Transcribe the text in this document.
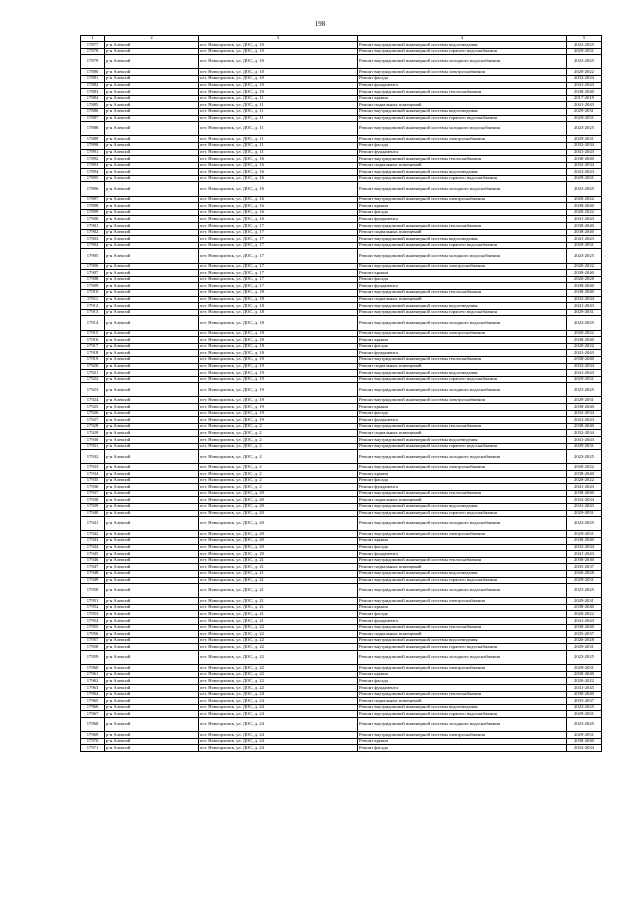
198
1	2	3	4	5
17877	р-н Алексий	пгт. Новоорловск, ул. ДОС, д. 10	Ремонт внутридомовой инженерной системы водоотведения	2023-2025
17878	р-н Алексий	пгт. Новоорловск, ул. ДОС, д. 10	Ремонт внутридомовой инженерной системы горячего водоснабжения	2029-2031
17879	р-н Алексий	пгт. Новоорловск, ул. ДОС, д. 10	Ремонт внутридомовой инженерной системы холодного водоснабжения	2023-2025
17880	р-н Алексий	пгт. Новоорловск, ул. ДОС, д. 10	Ремонт внутридомовой инженерной системы электроснабжения	2020-2022
17881	р-н Алексий	пгт. Новоорловск, ул. ДОС, д. 10	Ремонт фасада	2032-2034
17882	р-н Алексий	пгт. Новоорловск, ул. ДОС, д. 10	Ремонт фундамента	2041-2043
17883	р-н Алексий	пгт. Новоорловск, ул. ДОС, д. 10	Ремонт внутридомовой инженерной системы теплоснабжения	2038-2040
17884	р-н Алексий	пгт. Новоорловск, ул. ДОС, д. 11	Ремонт крыши	2017-2019
17885	р-н Алексий	пгт. Новоорловск, ул. ДОС, д. 11	Ремонт подвальных помещений	2041-2043
17886	р-н Алексий	пгт. Новоорловск, ул. ДОС, д. 11	Ремонт внутридомовой инженерной системы водоотведения	2029-2031
17887	р-н Алексий	пгт. Новоорловск, ул. ДОС, д. 11	Ремонт внутридомовой инженерной системы горячего водоснабжения	2029-2031
17888	р-н Алексий	пгт. Новоорловск, ул. ДОС, д. 11	Ремонт внутридомовой инженерной системы холодного водоснабжения	2023-2025
17889	р-н Алексий	пгт. Новоорловск, ул. ДОС, д. 11	Ремонт внутридомовой инженерной системы электроснабжения	2029-2031
17890	р-н Алексий	пгт. Новоорловск, ул. ДОС, д. 11	Ремонт фасада	2032-2034
17891	р-н Алексий	пгт. Новоорловск, ул. ДОС, д. 11	Ремонт фундамента	2041-2043
17892	р-н Алексий	пгт. Новоорловск, ул. ДОС, д. 16	Ремонт внутридомовой инженерной системы теплоснабжения	2038-2040
17893	р-н Алексий	пгт. Новоорловск, ул. ДОС, д. 16	Ремонт подвальных помещений	2032-2034
17894	р-н Алексий	пгт. Новоорловск, ул. ДОС, д. 16	Ремонт внутридомовой инженерной системы водоотведения	2041-2043
17895	р-н Алексий	пгт. Новоорловск, ул. ДОС, д. 16	Ремонт внутридомовой инженерной системы горячего водоснабжения	2029-2031
17896	р-н Алексий	пгт. Новоорловск, ул. ДОС, д. 16	Ремонт внутридомовой инженерной системы холодного водоснабжения	2023-2025
17897	р-н Алексий	пгт. Новоорловск, ул. ДОС, д. 16	Ремонт внутридомовой инженерной системы электроснабжения	2020-2022
17898	р-н Алексий	пгт. Новоорловск, ул. ДОС, д. 16	Ремонт крыши	2038-2040
17899	р-н Алексий	пгт. Новоорловск, ул. ДОС, д. 16	Ремонт фасада	2020-2022
17900	р-н Алексий	пгт. Новоорловск, ул. ДОС, д. 16	Ремонт фундамента	2041-2043
17901	р-н Алексий	пгт. Новоорловск, ул. ДОС, д. 17	Ремонт внутридомовой инженерной системы теплоснабжения	2038-2040
17902	р-н Алексий	пгт. Новоорловск, ул. ДОС, д. 17	Ремонт подвальных помещений	2038-2040
17903	р-н Алексий	пгт. Новоорловск, ул. ДОС, д. 17	Ремонт внутридомовой инженерной системы водоотведения	2041-2043
17904	р-н Алексий	пгт. Новоорловск, ул. ДОС, д. 17	Ремонт внутридомовой инженерной системы горячего водоснабжения	2029-2031
17905	р-н Алексий	пгт. Новоорловск, ул. ДОС, д. 17	Ремонт внутридомовой инженерной системы холодного водоснабжения	2023-2025
17906	р-н Алексий	пгт. Новоорловск, ул. ДОС, д. 17	Ремонт внутридомовой инженерной системы электроснабжения	2020-2022
17907	р-н Алексий	пгт. Новоорловск, ул. ДОС, д. 17	Ремонт крыши	2038-2040
17908	р-н Алексий	пгт. Новоорловск, ул. ДОС, д. 17	Ремонт фасада	2026-2028
17909	р-н Алексий	пгт. Новоорловск, ул. ДОС, д. 17	Ремонт фундамента	2038-2040
17910	р-н Алексий	пгт. Новоорловск, ул. ДОС, д. 18	Ремонт внутридомовой инженерной системы теплоснабжения	2038-2040
17911	р-н Алексий	пгт. Новоорловск, ул. ДОС, д. 18	Ремонт подвальных помещений	2032-2034
17912	р-н Алексий	пгт. Новоорловск, ул. ДОС, д. 18	Ремонт внутридомовой инженерной системы водоотведения	2041-2043
17913	р-н Алексий	пгт. Новоорловск, ул. ДОС, д. 18	Ремонт внутридомовой инженерной системы горячего водоснабжения	2029-2031
17914	р-н Алексий	пгт. Новоорловск, ул. ДОС, д. 18	Ремонт внутридомовой инженерной системы холодного водоснабжения	2023-2025
17915	р-н Алексий	пгт. Новоорловск, ул. ДОС, д. 18	Ремонт внутридомовой инженерной системы электроснабжения	2020-2022
17916	р-н Алексий	пгт. Новоорловск, ул. ДОС, д. 18	Ремонт крыши	2038-2040
17917	р-н Алексий	пгт. Новоорловск, ул. ДОС, д. 18	Ремонт фасада	2020-2022
17918	р-н Алексий	пгт. Новоорловск, ул. ДОС, д. 18	Ремонт фундамента	2041-2043
17919	р-н Алексий	пгт. Новоорловск, ул. ДОС, д. 19	Ремонт внутридомовой инженерной системы теплоснабжения	2038-2040
17920	р-н Алексий	пгт. Новоорловск, ул. ДОС, д. 19	Ремонт подвальных помещений	2032-2034
17921	р-н Алексий	пгт. Новоорловск, ул. ДОС, д. 19	Ремонт внутридомовой инженерной системы водоотведения	2041-2043
17922	р-н Алексий	пгт. Новоорловск, ул. ДОС, д. 19	Ремонт внутридомовой инженерной системы горячего водоснабжения	2029-2031
17923	р-н Алексий	пгт. Новоорловск, ул. ДОС, д. 19	Ремонт внутридомовой инженерной системы холодного водоснабжения	2023-2025
17924	р-н Алексий	пгт. Новоорловск, ул. ДОС, д. 19	Ремонт внутридомовой инженерной системы электроснабжения	2029-2031
17925	р-н Алексий	пгт. Новоорловск, ул. ДОС, д. 19	Ремонт крыши	2038-2040
17926	р-н Алексий	пгт. Новоорловск, ул. ДОС, д. 19	Ремонт фасада	2032-2034
17927	р-н Алексий	пгт. Новоорловск, ул. ДОС, д. 19	Ремонт фундамента	2041-2043
17928	р-н Алексий	пгт. Новоорловск, ул. ДОС, д. 2	Ремонт внутридомовой инженерной системы теплоснабжения	2038-2040
17929	р-н Алексий	пгт. Новоорловск, ул. ДОС, д. 2	Ремонт подвальных помещений	2032-2034
17930	р-н Алексий	пгт. Новоорловск, ул. ДОС, д. 2	Ремонт внутридомовой инженерной системы водоотведения	2041-2043
17931	р-н Алексий	пгт. Новоорловск, ул. ДОС, д. 2	Ремонт внутридомовой инженерной системы горячего водоснабжения	2029-2031
17932	р-н Алексий	пгт. Новоорловск, ул. ДОС, д. 2	Ремонт внутридомовой инженерной системы холодного водоснабжения	2023-2025
17933	р-н Алексий	пгт. Новоорловск, ул. ДОС, д. 2	Ремонт внутридомовой инженерной системы электроснабжения	2020-2022
17934	р-н Алексий	пгт. Новоорловск, ул. ДОС, д. 2	Ремонт крыши	2038-2040
17935	р-н Алексий	пгт. Новоорловск, ул. ДОС, д. 2	Ремонт фасада	2020-2022
17936	р-н Алексий	пгт. Новоорловск, ул. ДОС, д. 2	Ремонт фундамента	2041-2043
17937	р-н Алексий	пгт. Новоорловск, ул. ДОС, д. 20	Ремонт внутридомовой инженерной системы теплоснабжения	2038-2040
17938	р-н Алексий	пгт. Новоорловск, ул. ДОС, д. 20	Ремонт подвальных помещений	2032-2034
17939	р-н Алексий	пгт. Новоорловск, ул. ДОС, д. 20	Ремонт внутридомовой инженерной системы водоотведения	2041-2043
17940	р-н Алексий	пгт. Новоорловск, ул. ДОС, д. 20	Ремонт внутридомовой инженерной системы горячего водоснабжения	2029-2031
17941	р-н Алексий	пгт. Новоорловск, ул. ДОС, д. 20	Ремонт внутридомовой инженерной системы холодного водоснабжения	2023-2025
17942	р-н Алексий	пгт. Новоорловск, ул. ДОС, д. 20	Ремонт внутридомовой инженерной системы электроснабжения	2029-2031
17943	р-н Алексий	пгт. Новоорловск, ул. ДОС, д. 20	Ремонт крыши	2038-2040
17944	р-н Алексий	пгт. Новоорловск, ул. ДОС, д. 20	Ремонт фасада	2032-2034
17945	р-н Алексий	пгт. Новоорловск, ул. ДОС, д. 20	Ремонт фундамента	2041-2043
17946	р-н Алексий	пгт. Новоорловск, ул. ДОС, д. 21	Ремонт внутридомовой инженерной системы теплоснабжения	2038-2040
17947	р-н Алексий	пгт. Новоорловск, ул. ДОС, д. 21	Ремонт подвальных помещений	2035-2037
17948	р-н Алексий	пгт. Новоорловск, ул. ДОС, д. 21	Ремонт внутридомовой инженерной системы водоотведения	2026-2028
17949	р-н Алексий	пгт. Новоорловск, ул. ДОС, д. 21	Ремонт внутридомовой инженерной системы горячего водоснабжения	2029-2031
17950	р-н Алексий	пгт. Новоорловск, ул. ДОС, д. 21	Ремонт внутридомовой инженерной системы холодного водоснабжения	2023-2025
17951	р-н Алексий	пгт. Новоорловск, ул. ДОС, д. 21	Ремонт внутридомовой инженерной системы электроснабжения	2029-2031
17952	р-н Алексий	пгт. Новоорловск, ул. ДОС, д. 21	Ремонт крыши	2038-2040
17953	р-н Алексий	пгт. Новоорловск, ул. ДОС, д. 21	Ремонт фасада	2020-2022
17954	р-н Алексий	пгт. Новоорловск, ул. ДОС, д. 21	Ремонт фундамента	2041-2043
17955	р-н Алексий	пгт. Новоорловск, ул. ДОС, д. 22	Ремонт внутридомовой инженерной системы теплоснабжения	2038-2040
17956	р-н Алексий	пгт. Новоорловск, ул. ДОС, д. 22	Ремонт подвальных помещений	2035-2037
17957	р-н Алексий	пгт. Новоорловск, ул. ДОС, д. 22	Ремонт внутридомовой инженерной системы водоотведения	2026-2028
17958	р-н Алексий	пгт. Новоорловск, ул. ДОС, д. 22	Ремонт внутридомовой инженерной системы горячего водоснабжения	2029-2031
17959	р-н Алексий	пгт. Новоорловск, ул. ДОС, д. 22	Ремонт внутридомовой инженерной системы холодного водоснабжения	2023-2025
17960	р-н Алексий	пгт. Новоорловск, ул. ДОС, д. 22	Ремонт внутридомовой инженерной системы электроснабжения	2029-2031
17961	р-н Алексий	пгт. Новоорловск, ул. ДОС, д. 22	Ремонт крыши	2038-2040
17962	р-н Алексий	пгт. Новоорловск, ул. ДОС, д. 22	Ремонт фасада	2020-2022
17963	р-н Алексий	пгт. Новоорловск, ул. ДОС, д. 22	Ремонт фундамента	2041-2043
17964	р-н Алексий	пгт. Новоорловск, ул. ДОС, д. 24	Ремонт внутридомовой инженерной системы теплоснабжения	2038-2040
17965	р-н Алексий	пгт. Новоорловск, ул. ДОС, д. 24	Ремонт подвальных помещений	2035-2037
17966	р-н Алексий	пгт. Новоорловск, ул. ДОС, д. 24	Ремонт внутридомовой инженерной системы водоотведения	2023-2025
17967	р-н Алексий	пгт. Новоорловск, ул. ДОС, д. 24	Ремонт внутридомовой инженерной системы горячего водоснабжения	2029-2031
17968	р-н Алексий	пгт. Новоорловск, ул. ДОС, д. 24	Ремонт внутридомовой инженерной системы холодного водоснабжения	2023-2025
17969	р-н Алексий	пгт. Новоорловск, ул. ДОС, д. 24	Ремонт внутридомовой инженерной системы электроснабжения	2029-2031
17970	р-н Алексий	пгт. Новоорловск, ул. ДОС, д. 24	Ремонт крыши	2038-2040
17971	р-н Алексий	пгт. Новоорловск, ул. ДОС, д. 24	Ремонт фасада	2032-2034
